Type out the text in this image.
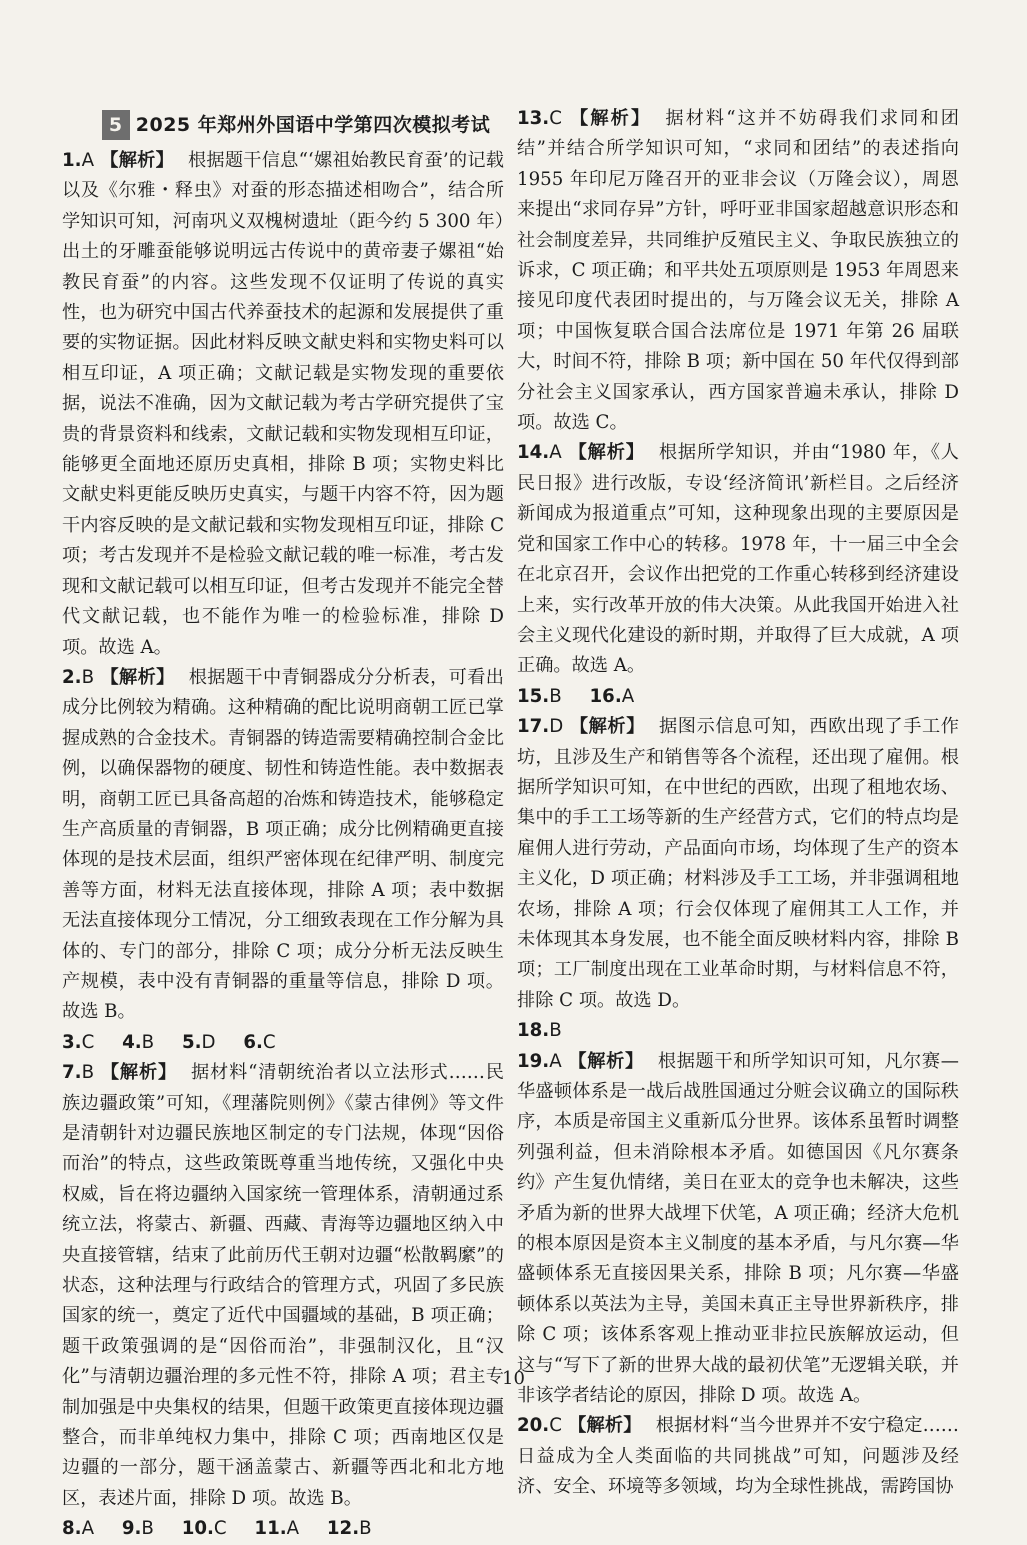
5 2025 年郑州外国语中学第四次模拟考试

1.A 【解析】 根据题干信息“‘嫘祖始教民育蚕’的记载以及《尔雅・释虫》对蚕的形态描述相吻合”，结合所学知识可知，河南巩义双槐树遗址（距今约 5 300 年）出土的牙雕蚕能够说明远古传说中的黄帝妻子嫘祖“始教民育蚕”的内容。这些发现不仅证明了传说的真实性，也为研究中国古代养蚕技术的起源和发展提供了重要的实物证据。因此材料反映文献史料和实物史料可以相互印证，A 项正确；文献记载是实物发现的重要依据，说法不准确，因为文献记载为考古学研究提供了宝贵的背景资料和线索，文献记载和实物发现相互印证，能够更全面地还原历史真相，排除 B 项；实物史料比文献史料更能反映历史真实，与题干内容不符，因为题干内容反映的是文献记载和实物发现相互印证，排除 C 项；考古发现并不是检验文献记载的唯一标准，考古发现和文献记载可以相互印证，但考古发现并不能完全替代文献记载，也不能作为唯一的检验标准，排除 D 项。故选 A。

2.B 【解析】 根据题干中青铜器成分分析表，可看出成分比例较为精确。这种精确的配比说明商朝工匠已掌握成熟的合金技术。青铜器的铸造需要精确控制合金比例，以确保器物的硬度、韧性和铸造性能。表中数据表明，商朝工匠已具备高超的冶炼和铸造技术，能够稳定生产高质量的青铜器，B 项正确；成分比例精确更直接体现的是技术层面，组织严密体现在纪律严明、制度完善等方面，材料无法直接体现，排除 A 项；表中数据无法直接体现分工情况，分工细致表现在工作分解为具体的、专门的部分，排除 C 项；成分分析无法反映生产规模，表中没有青铜器的重量等信息，排除 D 项。故选 B。

3.C 4.B 5.D 6.C

7.B 【解析】 据材料“清朝统治者以立法形式……民族边疆政策”可知，《理藩院则例》《蒙古律例》等文件是清朝针对边疆民族地区制定的专门法规，体现“因俗而治”的特点，这些政策既尊重当地传统，又强化中央权威，旨在将边疆纳入国家统一管理体系，清朝通过系统立法，将蒙古、新疆、西藏、青海等边疆地区纳入中央直接管辖，结束了此前历代王朝对边疆“松散羁縻”的状态，这种法理与行政结合的管理方式，巩固了多民族国家的统一，奠定了近代中国疆域的基础，B 项正确；题干政策强调的是“因俗而治”，非强制汉化，且“汉化”与清朝边疆治理的多元性不符，排除 A 项；君主专制加强是中央集权的结果，但题干政策更直接体现边疆整合，而非单纯权力集中，排除 C 项；西南地区仅是边疆的一部分，题干涵盖蒙古、新疆等西北和北方地区，表述片面，排除 D 项。故选 B。

8.A 9.B 10.C 11.A 12.B

13.C 【解析】 据材料“这并不妨碍我们求同和团结”并结合所学知识可知，“求同和团结”的表述指向 1955 年印尼万隆召开的亚非会议（万隆会议），周恩来提出“求同存异”方针，呼吁亚非国家超越意识形态和社会制度差异，共同维护反殖民主义、争取民族独立的诉求，C 项正确；和平共处五项原则是 1953 年周恩来接见印度代表团时提出的，与万隆会议无关，排除 A 项；中国恢复联合国合法席位是 1971 年第 26 届联大，时间不符，排除 B 项；新中国在 50 年代仅得到部分社会主义国家承认，西方国家普遍未承认，排除 D 项。故选 C。

14.A 【解析】 根据所学知识，并由“1980 年，《人民日报》进行改版，专设‘经济简讯’新栏目。之后经济新闻成为报道重点”可知，这种现象出现的主要原因是党和国家工作中心的转移。1978 年，十一届三中全会在北京召开，会议作出把党的工作重心转移到经济建设上来，实行改革开放的伟大决策。从此我国开始进入社会主义现代化建设的新时期，并取得了巨大成就，A 项正确。故选 A。

15.B 16.A

17.D 【解析】 据图示信息可知，西欧出现了手工作坊，且涉及生产和销售等各个流程，还出现了雇佣。根据所学知识可知，在中世纪的西欧，出现了租地农场、集中的手工工场等新的生产经营方式，它们的特点均是雇佣人进行劳动，产品面向市场，均体现了生产的资本主义化，D 项正确；材料涉及手工工场，并非强调租地农场，排除 A 项；行会仅体现了雇佣其工人工作，并未体现其本身发展，也不能全面反映材料内容，排除 B 项；工厂制度出现在工业革命时期，与材料信息不符，排除 C 项。故选 D。

18.B

19.A 【解析】 根据题干和所学知识可知，凡尔赛—华盛顿体系是一战后战胜国通过分赃会议确立的国际秩序，本质是帝国主义重新瓜分世界。该体系虽暂时调整列强利益，但未消除根本矛盾。如德国因《凡尔赛条约》产生复仇情绪，美日在亚太的竞争也未解决，这些矛盾为新的世界大战埋下伏笔，A 项正确；经济大危机的根本原因是资本主义制度的基本矛盾，与凡尔赛—华盛顿体系无直接因果关系，排除 B 项；凡尔赛—华盛顿体系以英法为主导，美国未真正主导世界新秩序，排除 C 项；该体系客观上推动亚非拉民族解放运动，但这与“写下了新的世界大战的最初伏笔”无逻辑关联，并非该学者结论的原因，排除 D 项。故选 A。

20.C 【解析】 根据材料“当今世界并不安宁稳定……日益成为全人类面临的共同挑战”可知，问题涉及经济、安全、环境等多领域，均为全球性挑战，需跨国协

10
